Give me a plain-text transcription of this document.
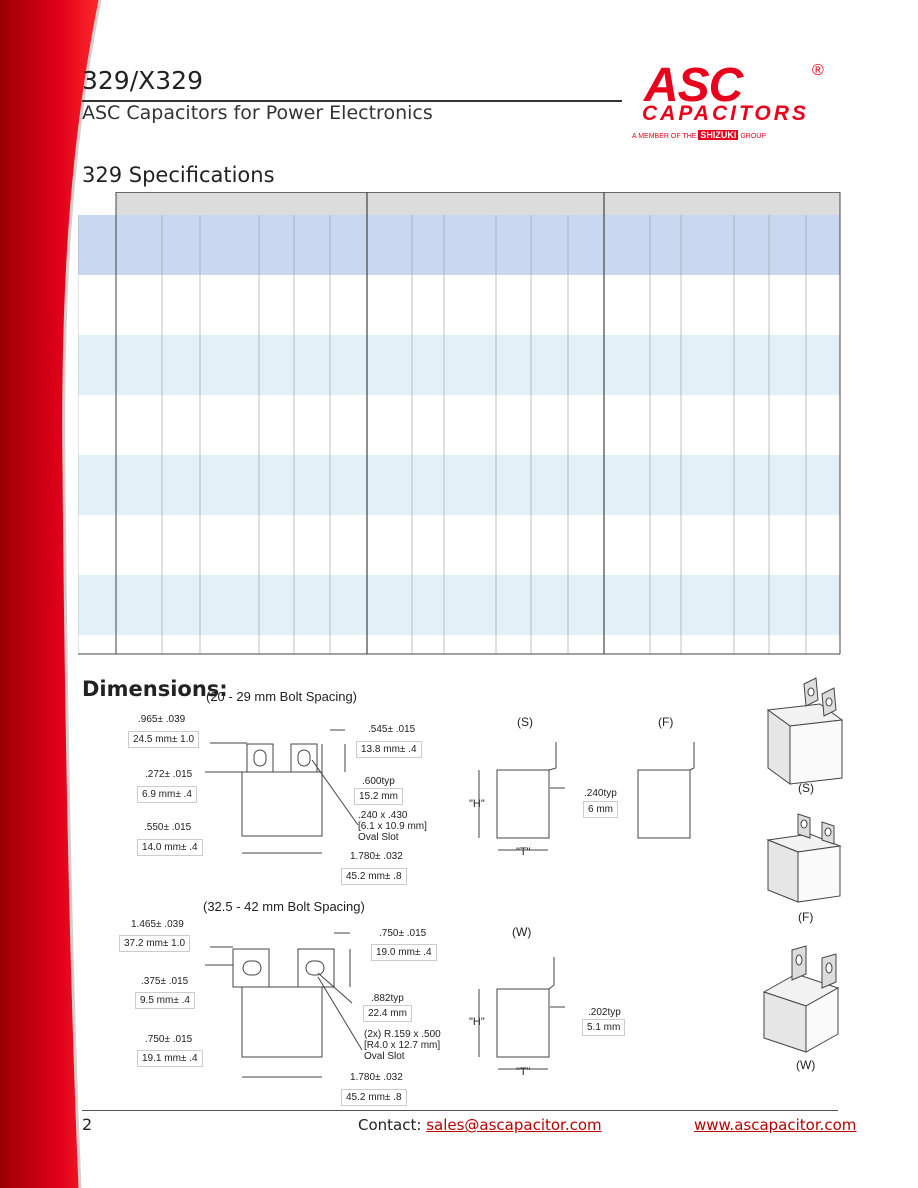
329/X329
ASC Capacitors for Power Electronics
ASC	®
CAPACITORS
A MEMBER OF THE SHIZUKI GROUP
329 Specifications
Dimensions:
(20 - 29 mm Bolt Spacing)
.965± .039
24.5 mm± 1.0
.545± .015
13.8 mm± .4
.272± .015
6.9 mm± .4
.600typ
15.2 mm
.240 x .430
[6.1 x 10.9 mm]
Oval Slot
.550± .015
14.0 mm± .4
1.780± .032
45.2 mm± .8
(32.5 - 42 mm Bolt Spacing)
1.465± .039
37.2 mm± 1.0
.750± .015
19.0 mm± .4
.375± .015
9.5 mm± .4	.882typ
22.4 mm
(2x) R.159 x .500
[R4.0 x 12.7 mm]
Oval Slot
.750± .015
19.1 mm± .4
1.780± .032
45.2 mm± .8
(S)
"H"
"T"
.240typ
6 mm
(F)
(W)
"H"
"T"
.202typ
5.1 mm
(S)
(F)
(W)
2	Contact: sales@ascapacitor.com	www.ascapacitor.com
